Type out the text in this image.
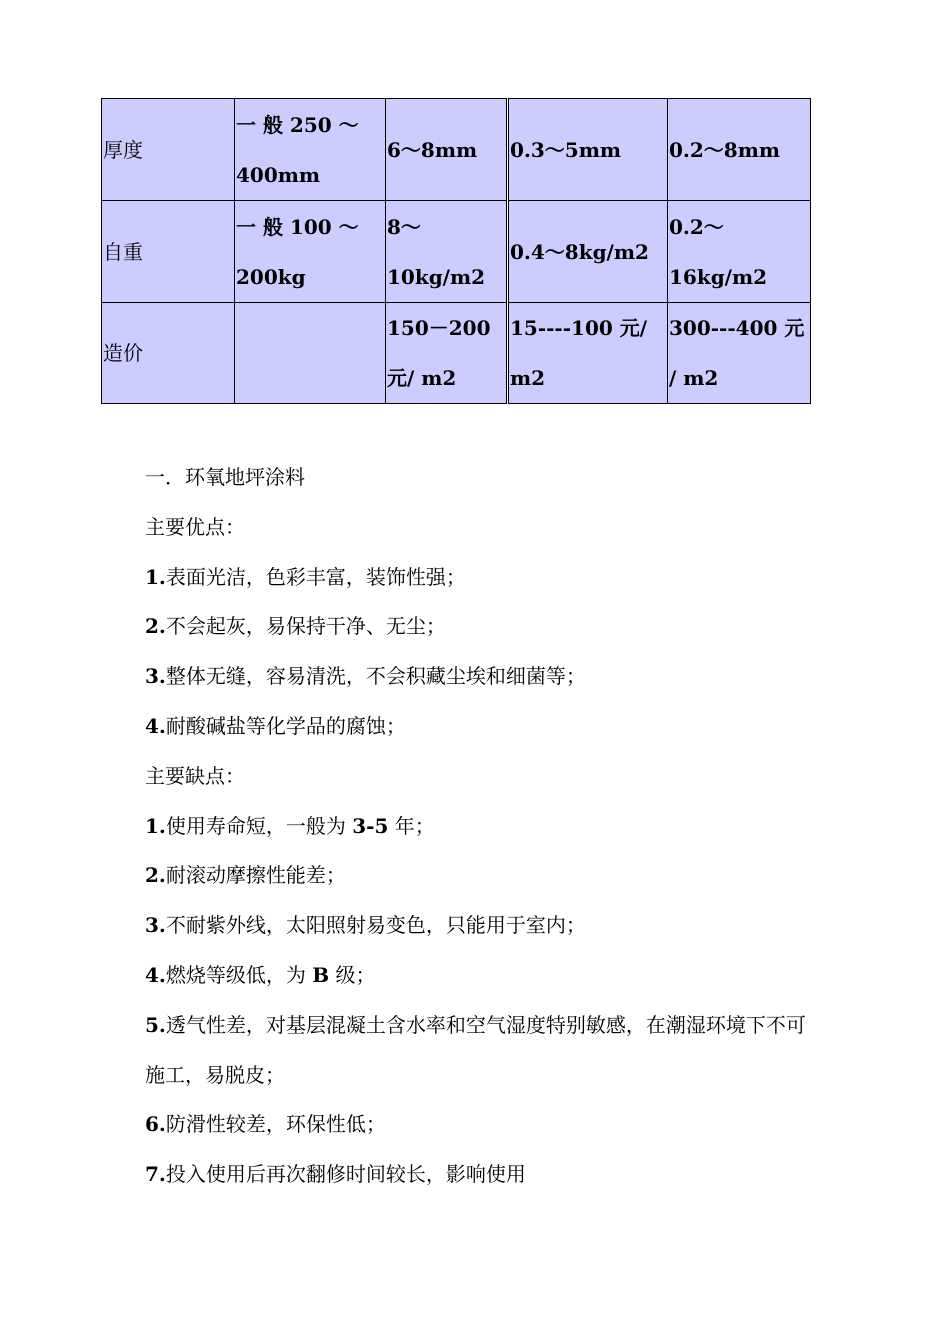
厚度	一 般 250 ～400mm	6～8mm	0.3～5mm	0.2～8mm
自重	一 般 100 ～200kg	8～10kg/m2	0.4～8kg/m2	0.2～16kg/m2
造价		150－200 元/ m2	15----100 元/ m2	300---400 元 / m2

一．环氧地坪涂料

主要优点：

1.表面光洁，色彩丰富，装饰性强；

2.不会起灰，易保持干净、无尘；

3.整体无缝，容易清洗，不会积藏尘埃和细菌等；

4.耐酸碱盐等化学品的腐蚀；

主要缺点：

1.使用寿命短，一般为 3-5 年；

2.耐滚动摩擦性能差；

3.不耐紫外线，太阳照射易变色，只能用于室内；

4.燃烧等级低，为 B 级；

5.透气性差，对基层混凝土含水率和空气湿度特别敏感，在潮湿环境下不可施工，易脱皮；

6.防滑性较差，环保性低；

7.投入使用后再次翻修时间较长，影响使用
